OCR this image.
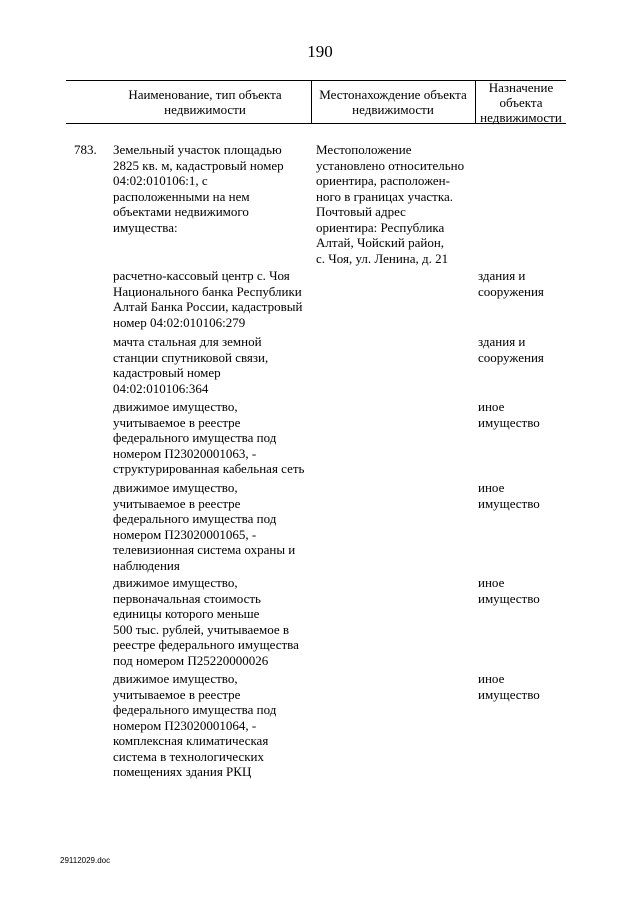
190
Наименование, тип объекта
недвижимости
Местонахождение объекта
недвижимости
Назначение
объекта
недвижимости
783. Земельный участок площадью
2825 кв. м, кадастровый номер
04:02:010106:1, с
расположенными на нем
объектами недвижимого
имущества:
Местоположение
установлено относительно
ориентира, расположен-
ного в границах участка.
Почтовый адрес
ориентира: Республика
Алтай, Чойский район,
с. Чоя, ул. Ленина, д. 21
расчетно-кассовый центр с. Чоя
Национального банка Республики
Алтай Банка России, кадастровый
номер 04:02:010106:279
здания и
сооружения
мачта стальная для земной
станции спутниковой связи,
кадастровый номер
04:02:010106:364
здания и
сооружения
движимое имущество,
учитываемое в реестре
федерального имущества под
номером П23020001063, -
структурированная кабельная сеть
иное
имущество
движимое имущество,
учитываемое в реестре
федерального имущества под
номером П23020001065, -
телевизионная система охраны и
наблюдения
иное
имущество
движимое имущество,
первоначальная стоимость
единицы которого меньше
500 тыс. рублей, учитываемое в
реестре федерального имущества
под номером П25220000026
иное
имущество
движимое имущество,
учитываемое в реестре
федерального имущества под
номером П23020001064, -
комплексная климатическая
система в технологических
помещениях здания РКЦ
иное
имущество
29112029.doc
